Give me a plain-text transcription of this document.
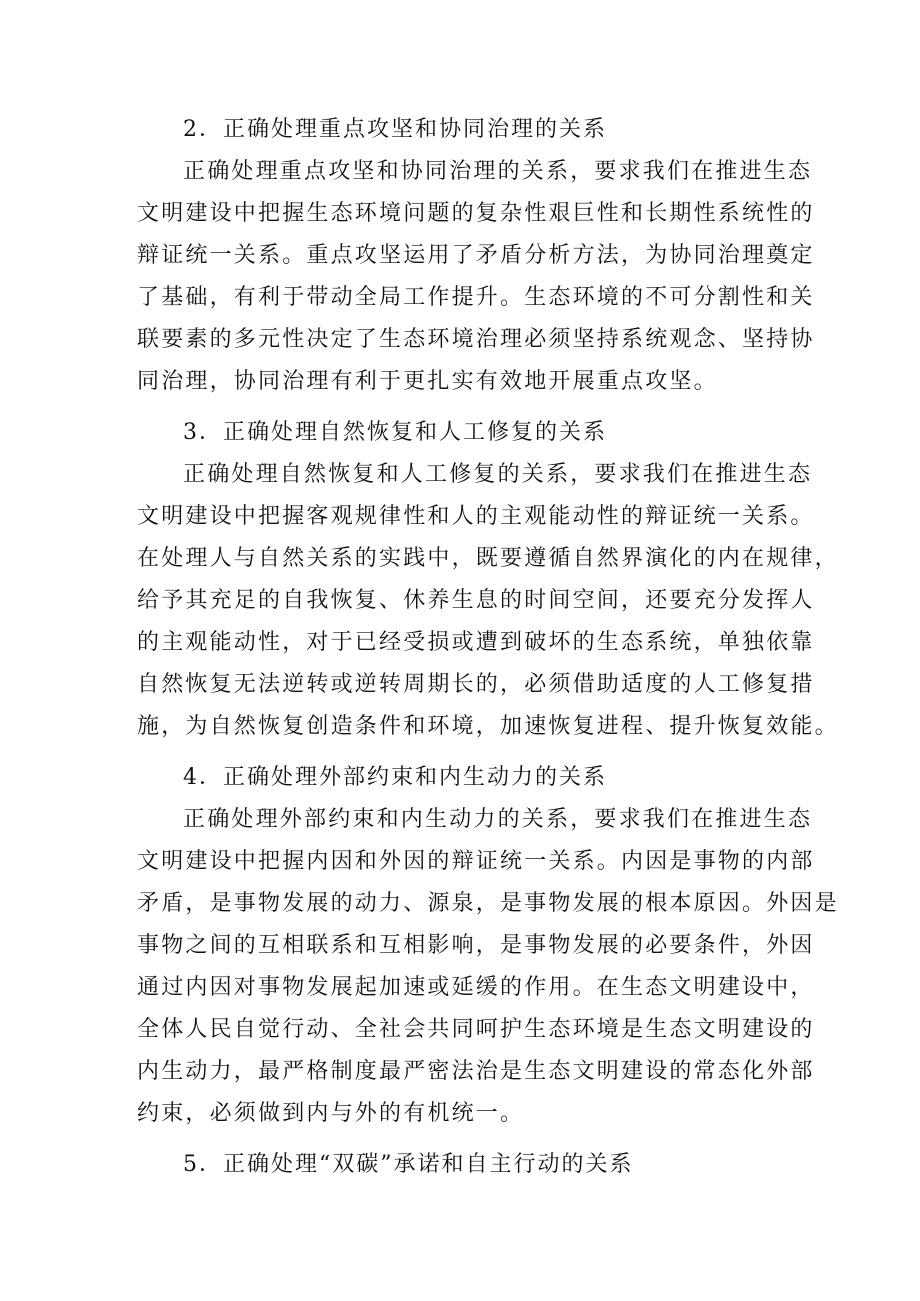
2．正确处理重点攻坚和协同治理的关系
正确处理重点攻坚和协同治理的关系，要求我们在推进生态
文明建设中把握生态环境问题的复杂性艰巨性和长期性系统性的
辩证统一关系。重点攻坚运用了矛盾分析方法，为协同治理奠定
了基础，有利于带动全局工作提升。生态环境的不可分割性和关
联要素的多元性决定了生态环境治理必须坚持系统观念、坚持协
同治理，协同治理有利于更扎实有效地开展重点攻坚。
3．正确处理自然恢复和人工修复的关系
正确处理自然恢复和人工修复的关系，要求我们在推进生态
文明建设中把握客观规律性和人的主观能动性的辩证统一关系。
在处理人与自然关系的实践中，既要遵循自然界演化的内在规律，
给予其充足的自我恢复、休养生息的时间空间，还要充分发挥人
的主观能动性，对于已经受损或遭到破坏的生态系统，单独依靠
自然恢复无法逆转或逆转周期长的，必须借助适度的人工修复措
施，为自然恢复创造条件和环境，加速恢复进程、提升恢复效能。
4．正确处理外部约束和内生动力的关系
正确处理外部约束和内生动力的关系，要求我们在推进生态
文明建设中把握内因和外因的辩证统一关系。内因是事物的内部
矛盾，是事物发展的动力、源泉，是事物发展的根本原因。外因是
事物之间的互相联系和互相影响，是事物发展的必要条件，外因
通过内因对事物发展起加速或延缓的作用。在生态文明建设中，
全体人民自觉行动、全社会共同呵护生态环境是生态文明建设的
内生动力，最严格制度最严密法治是生态文明建设的常态化外部
约束，必须做到内与外的有机统一。
5．正确处理“双碳”承诺和自主行动的关系
